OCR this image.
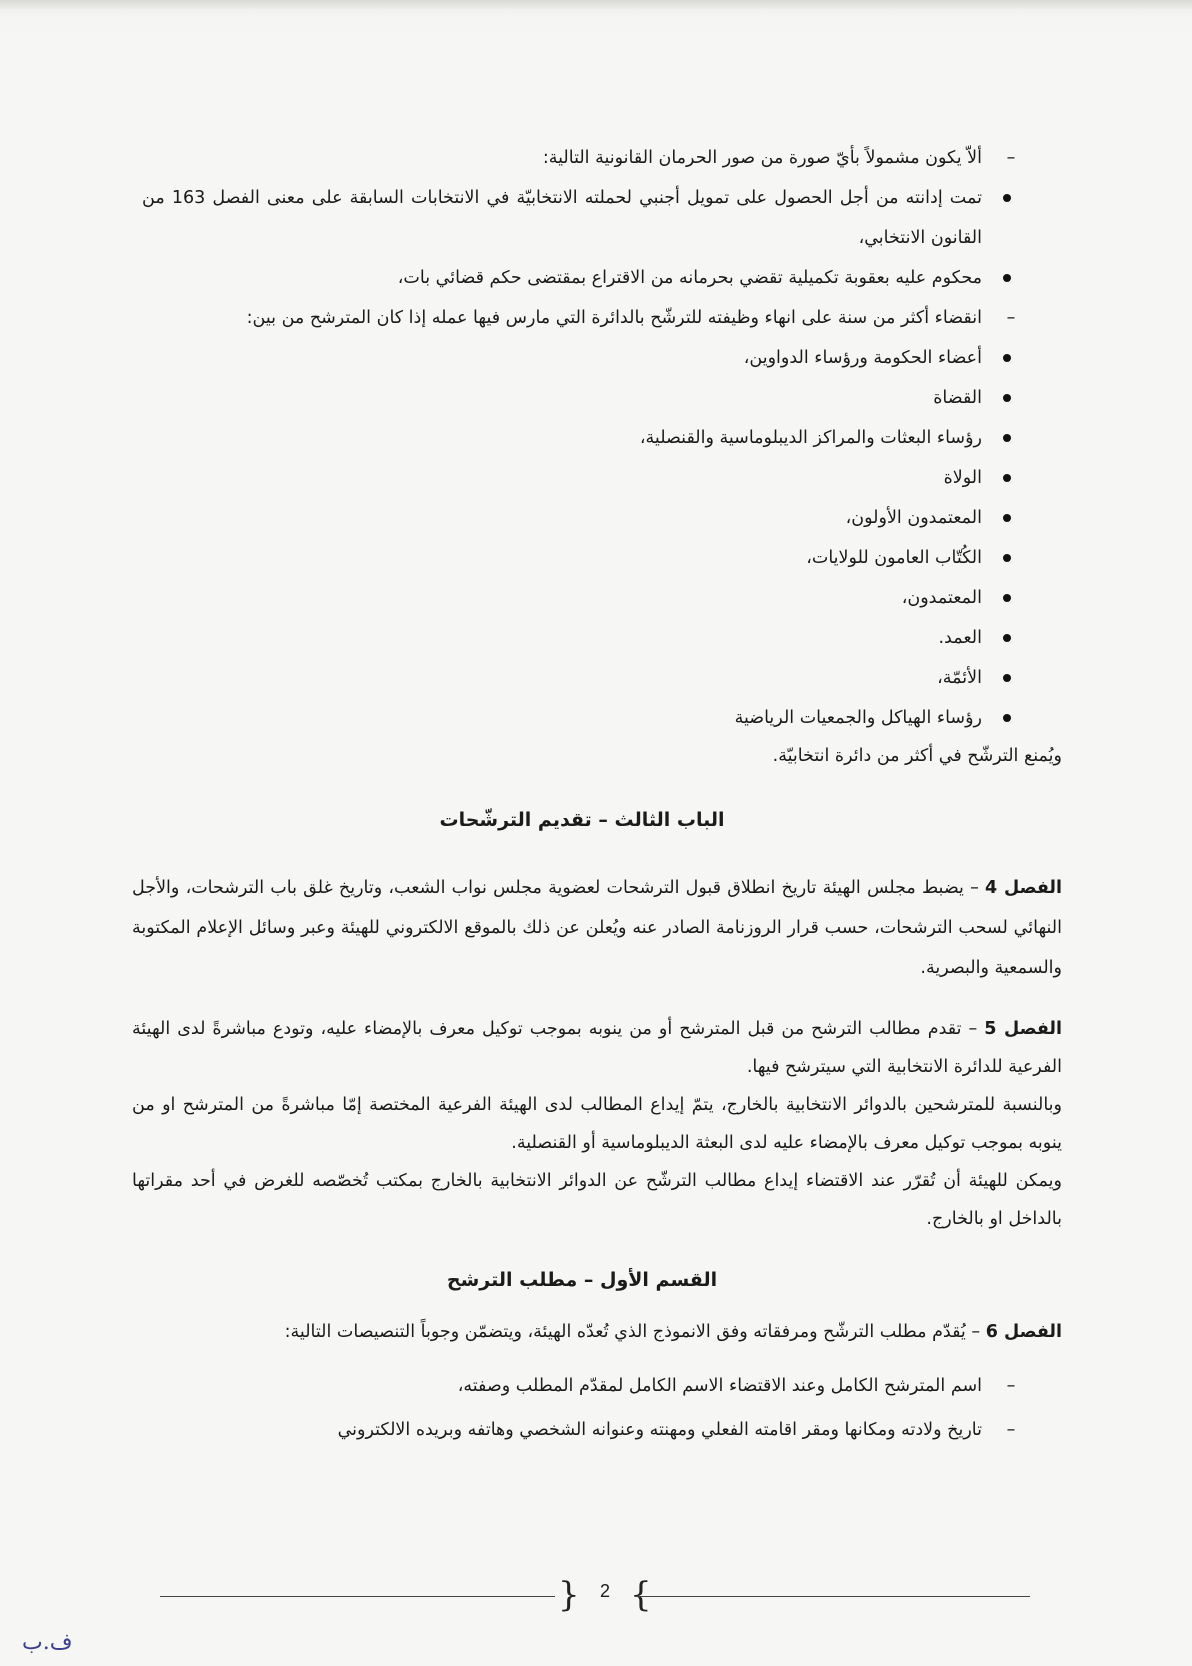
–
ألاّ يكون مشمولاً بأيّ صورة من صور الحرمان القانونية التالية:
تمت إدانته من أجل الحصول على تمويل أجنبي لحملته الانتخابيّة في الانتخابات السابقة على معنى الفصل 163 من القانون الانتخابي،
محكوم عليه بعقوبة تكميلية تقضي بحرمانه من الاقتراع بمقتضى حكم قضائي بات،
–
انقضاء أكثر من سنة على انهاء وظيفته للترشّح بالدائرة التي مارس فيها عمله إذا كان المترشح من بين:
أعضاء الحكومة ورؤساء الدواوين،
القضاة
رؤساء البعثات والمراكز الديبلوماسية والقنصلية،
الولاة
المعتمدون الأولون،
الكُتّاب العامون للولايات،
المعتمدون،
العمد.
الأئمّة،
رؤساء الهياكل والجمعيات الرياضية
ويُمنع الترشّح في أكثر من دائرة انتخابيّة.
الباب الثالث – تقديم الترشّحات
الفصل 4 – يضبط مجلس الهيئة تاريخ انطلاق قبول الترشحات لعضوية مجلس نواب الشعب، وتاريخ غلق باب الترشحات، والأجل النهائي لسحب الترشحات، حسب قرار الروزنامة الصادر عنه ويُعلن عن ذلك بالموقع الالكتروني للهيئة وعبر وسائل الإعلام المكتوبة والسمعية والبصرية.
الفصل 5 – تقدم مطالب الترشح من قبل المترشح أو من ينوبه بموجب توكيل معرف بالإمضاء عليه، وتودع مباشرةً لدى الهيئة الفرعية للدائرة الانتخابية التي سيترشح فيها.
وبالنسبة للمترشحين بالدوائر الانتخابية بالخارج، يتمّ إيداع المطالب لدى الهيئة الفرعية المختصة إمّا مباشرةً من المترشح او من ينوبه بموجب توكيل معرف بالإمضاء عليه لدى البعثة الديبلوماسية أو القنصلية.
ويمكن للهيئة أن تُقرّر عند الاقتضاء إيداع مطالب الترشّح عن الدوائر الانتخابية بالخارج بمكتب تُخصّصه للغرض في أحد مقراتها بالداخل او بالخارج.
القسم الأول – مطلب الترشح
الفصل 6 – يُقدّم مطلب الترشّح ومرفقاته وفق الانموذج الذي تُعدّه الهيئة، ويتضمّن وجوباً التنصيصات التالية:
–
اسم المترشح الكامل وعند الاقتضاء الاسم الكامل لمقدّم المطلب وصفته،
–
تاريخ ولادته ومكانها ومقر اقامته الفعلي ومهنته وعنوانه الشخصي وهاتفه وبريده الالكتروني
{	2 }
ف.ب
